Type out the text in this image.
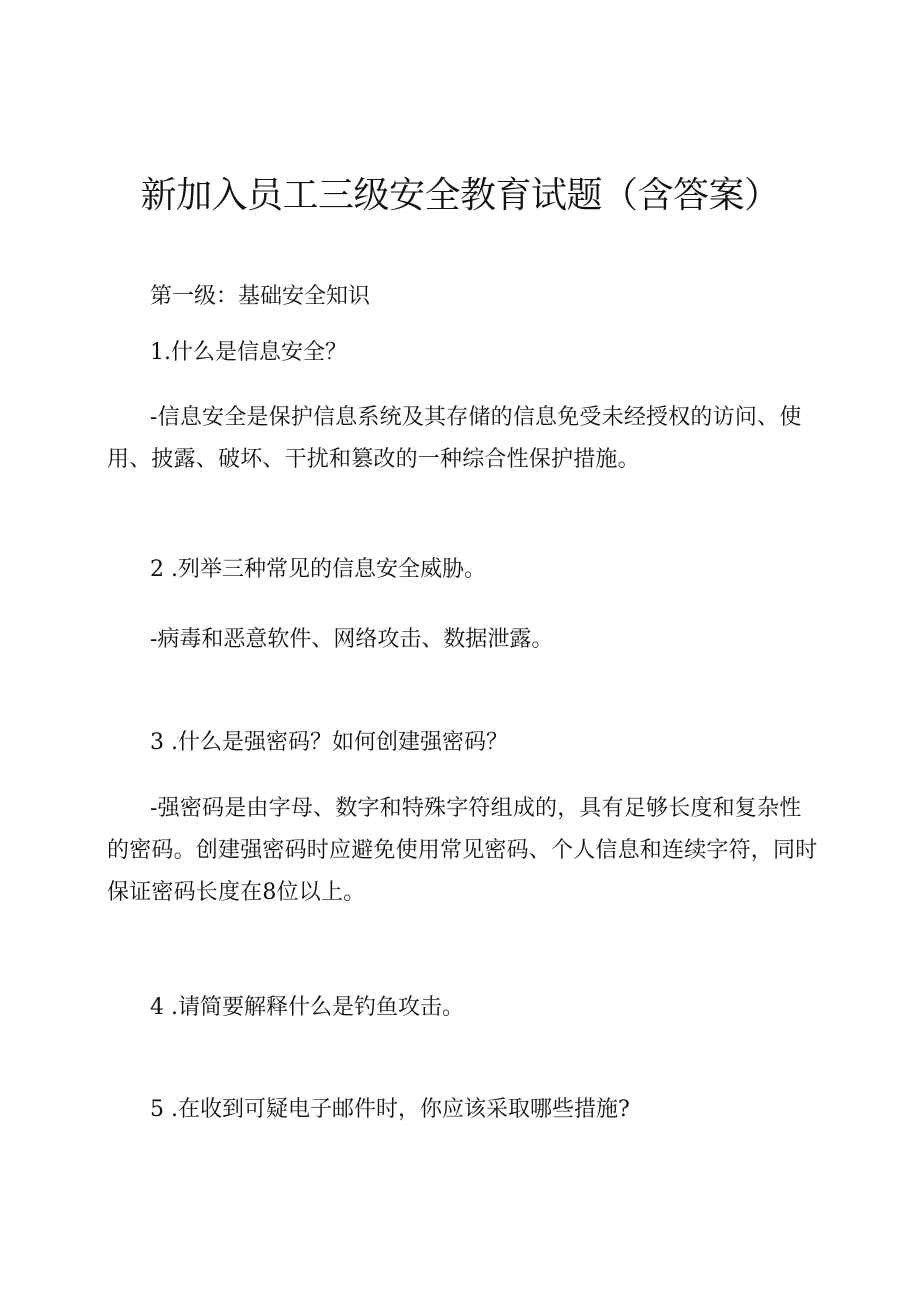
新加入员工三级安全教育试题（含答案）
第一级：基础安全知识
1.什么是信息安全？
-信息安全是保护信息系统及其存储的信息免受未经授权的访问、使用、披露、破坏、干扰和篡改的一种综合性保护措施。
2 .列举三种常见的信息安全威胁。
-病毒和恶意软件、网络攻击、数据泄露。
3 .什么是强密码？如何创建强密码？
-强密码是由字母、数字和特殊字符组成的，具有足够长度和复杂性的密码。创建强密码时应避免使用常见密码、个人信息和连续字符，同时保证密码长度在8位以上。
4 .请简要解释什么是钓鱼攻击。
5 .在收到可疑电子邮件时，你应该采取哪些措施?
